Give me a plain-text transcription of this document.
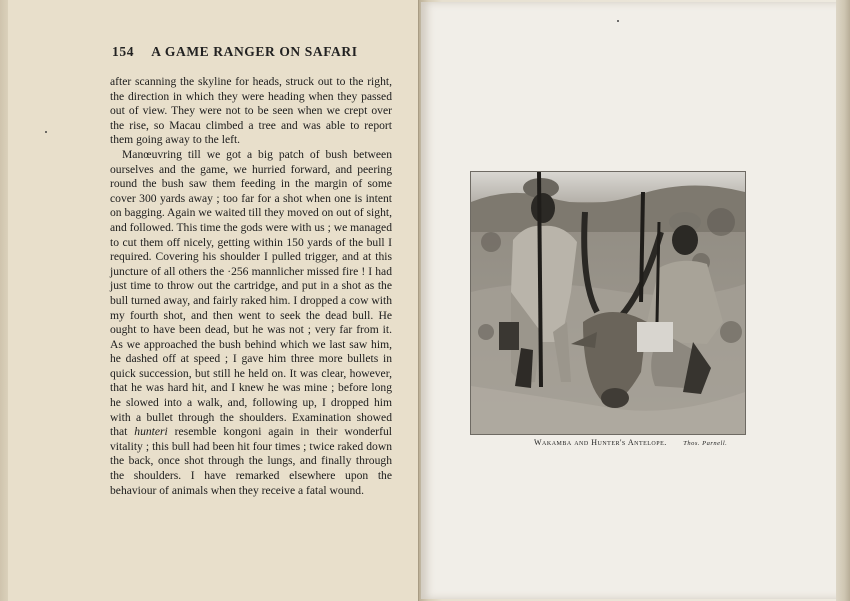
154 A GAME RANGER ON SAFARI

after scanning the skyline for heads, struck out to the right, the direction in which they were heading when they passed out of view. They were not to be seen when we crept over the rise, so Macau climbed a tree and was able to report them going away to the left.

Manœuvring till we got a big patch of bush between ourselves and the game, we hurried forward, and peering round the bush saw them feeding in the margin of some cover 300 yards away ; too far for a shot when one is intent on bagging. Again we waited till they moved on out of sight, and followed. This time the gods were with us ; we managed to cut them off nicely, getting within 150 yards of the bull I required. Covering his shoulder I pulled trigger, and at this juncture of all others the ·256 mannlicher missed fire ! I had just time to throw out the cartridge, and put in a shot as the bull turned away, and fairly raked him. I dropped a cow with my fourth shot, and then went to seek the dead bull. He ought to have been dead, but he was not ; very far from it. As we approached the bush behind which we last saw him, he dashed off at speed ; I gave him three more bullets in quick succession, but still he held on. It was clear, however, that he was hard hit, and I knew he was mine ; before long he slowed into a walk, and, following up, I dropped him with a bullet through the shoulders. Examination showed that hunteri resemble kongoni again in their wonderful vitality ; this bull had been hit four times ; twice raked down the back, once shot through the lungs, and finally through the shoulders. I have remarked elsewhere upon the behaviour of animals when they receive a fatal wound.

Wakamba and Hunter's Antelope.	Thos. Parnell.
